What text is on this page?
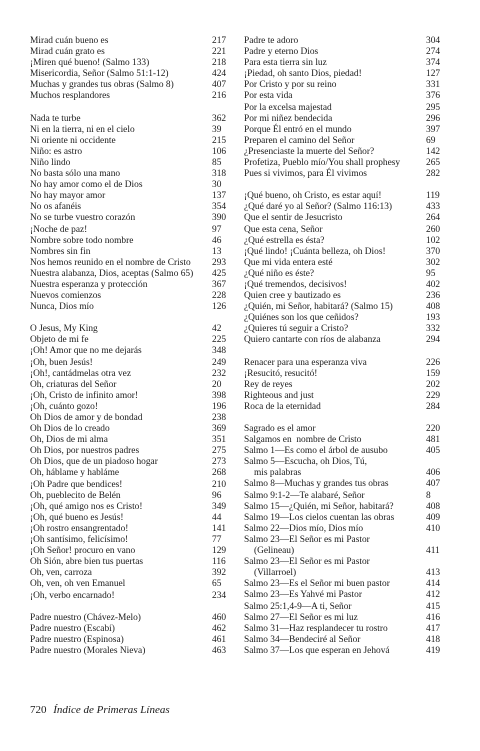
Mirad cuán bueno es	217
Mirad cuán grato es	221
¡Miren qué bueno! (Salmo 133)	218
Misericordia, Señor (Salmo 51:1-12)	424
Muchas y grandes tus obras (Salmo 8)	407
Muchos resplandores	216
Nada te turbe	362
Ni en la tierra, ni en el cielo	39
Ni oriente ni occidente	215
Niño: es astro	106
Niño lindo	85
No basta sólo una mano	318
No hay amor como el de Dios	30
No hay mayor amor	137
No os afanéis	354
No se turbe vuestro corazón	390
¡Noche de paz!	97
Nombre sobre todo nombre	46
Nombres sin fin	13
Nos hemos reunido en el nombre de Cristo	293
Nuestra alabanza, Dios, aceptas (Salmo 65)	425
Nuestra esperanza y protección	367
Nuevos comienzos	228
Nunca, Dios mío	126
O Jesus, My King	42
Objeto de mi fe	225
¡Oh! Amor que no me dejarás	348
¡Oh, buen Jesús!	249
¡Oh!, cantádmelas otra vez	232
Oh, criaturas del Señor	20
¡Oh, Cristo de infinito amor!	398
¡Oh, cuánto gozo!	196
Oh Dios de amor y de bondad	238
Oh Dios de lo creado	369
Oh, Dios de mi alma	351
Oh Dios, por nuestros padres	275
Oh Dios, que de un piadoso hogar	273
Oh, háblame y habláme	268
¡Oh Padre que bendices!	210
Oh, pueblecito de Belén	96
¡Oh, qué amigo nos es Cristo!	349
¡Oh, qué bueno es Jesús!	44
¡Oh rostro ensangrentado!	141
¡Oh santísimo, felicísimo!	77
¡Oh Señor! procuro en vano	129
Oh Sión, abre bien tus puertas	116
Oh, ven, carroza	392
Oh, ven, oh ven Emanuel	65
¡Oh, verbo encarnado!	234
Padre nuestro (Chávez-Melo)	460
Padre nuestro (Escabí)	462
Padre nuestro (Espinosa)	461
Padre nuestro (Morales Nieva)	463
Padre te adoro	304
Padre y eterno Dios	274
Para esta tierra sin luz	374
¡Piedad, oh santo Dios, piedad!	127
Por Cristo y por su reino	331
Por esta vida	376
Por la excelsa majestad	295
Por mi niñez bendecida	296
Porque Él entró en el mundo	397
Preparen el camino del Señor	69
¿Presenciaste la muerte del Señor?	142
Profetiza, Pueblo mío/You shall prophesy	265
Pues si vivimos, para Él vivimos	282
¡Qué bueno, oh Cristo, es estar aquí!	119
¿Qué daré yo al Señor? (Salmo 116:13)	433
Que el sentir de Jesucristo	264
Que esta cena, Señor	260
¿Qué estrella es ésta?	102
¡Qué lindo! ¡Cuánta belleza, oh Dios!	370
Que mi vida entera esté	302
¿Qué niño es éste?	95
¡Qué tremendos, decisivos!	402
Quien cree y bautizado es	236
¿Quién, mi Señor, habitará? (Salmo 15)	408
¿Quiénes son los que ceñidos?	193
¿Quieres tú seguir a Cristo?	332
Quiero cantarte con ríos de alabanza	294
Renacer para una esperanza viva	226
¡Resucitó, resucitó!	159
Rey de reyes	202
Righteous and just	229
Roca de la eternidad	284
Sagrado es el amor	220
Salgamos en  nombre de Cristo	481
Salmo 1—Es como el árbol de ausubo	405
Salmo 5—Escucha, oh Dios, Tú,
mis palabras	406
Salmo 8—Muchas y grandes tus obras	407
Salmo 9:1-2—Te alabaré, Señor	8
Salmo 15—¿Quién, mi Señor, habitará?	408
Salmo 19—Los cielos cuentan las obras	409
Salmo 22—Dios mío, Dios mío	410
Salmo 23—El Señor es mi Pastor
(Gelineau)	411
Salmo 23—El Señor es mi Pastor
(Villarroel)	413
Salmo 23—Es el Señor mi buen pastor	414
Salmo 23—Es Yahvé mi Pastor	412
Salmo 25:1,4-9—A ti, Señor	415
Salmo 27—El Señor es mi luz	416
Salmo 31—Haz resplandecer tu rostro	417
Salmo 34—Bendeciré al Señor	418
Salmo 37—Los que esperan en Jehová	419
720 Índice de Primeras Líneas
